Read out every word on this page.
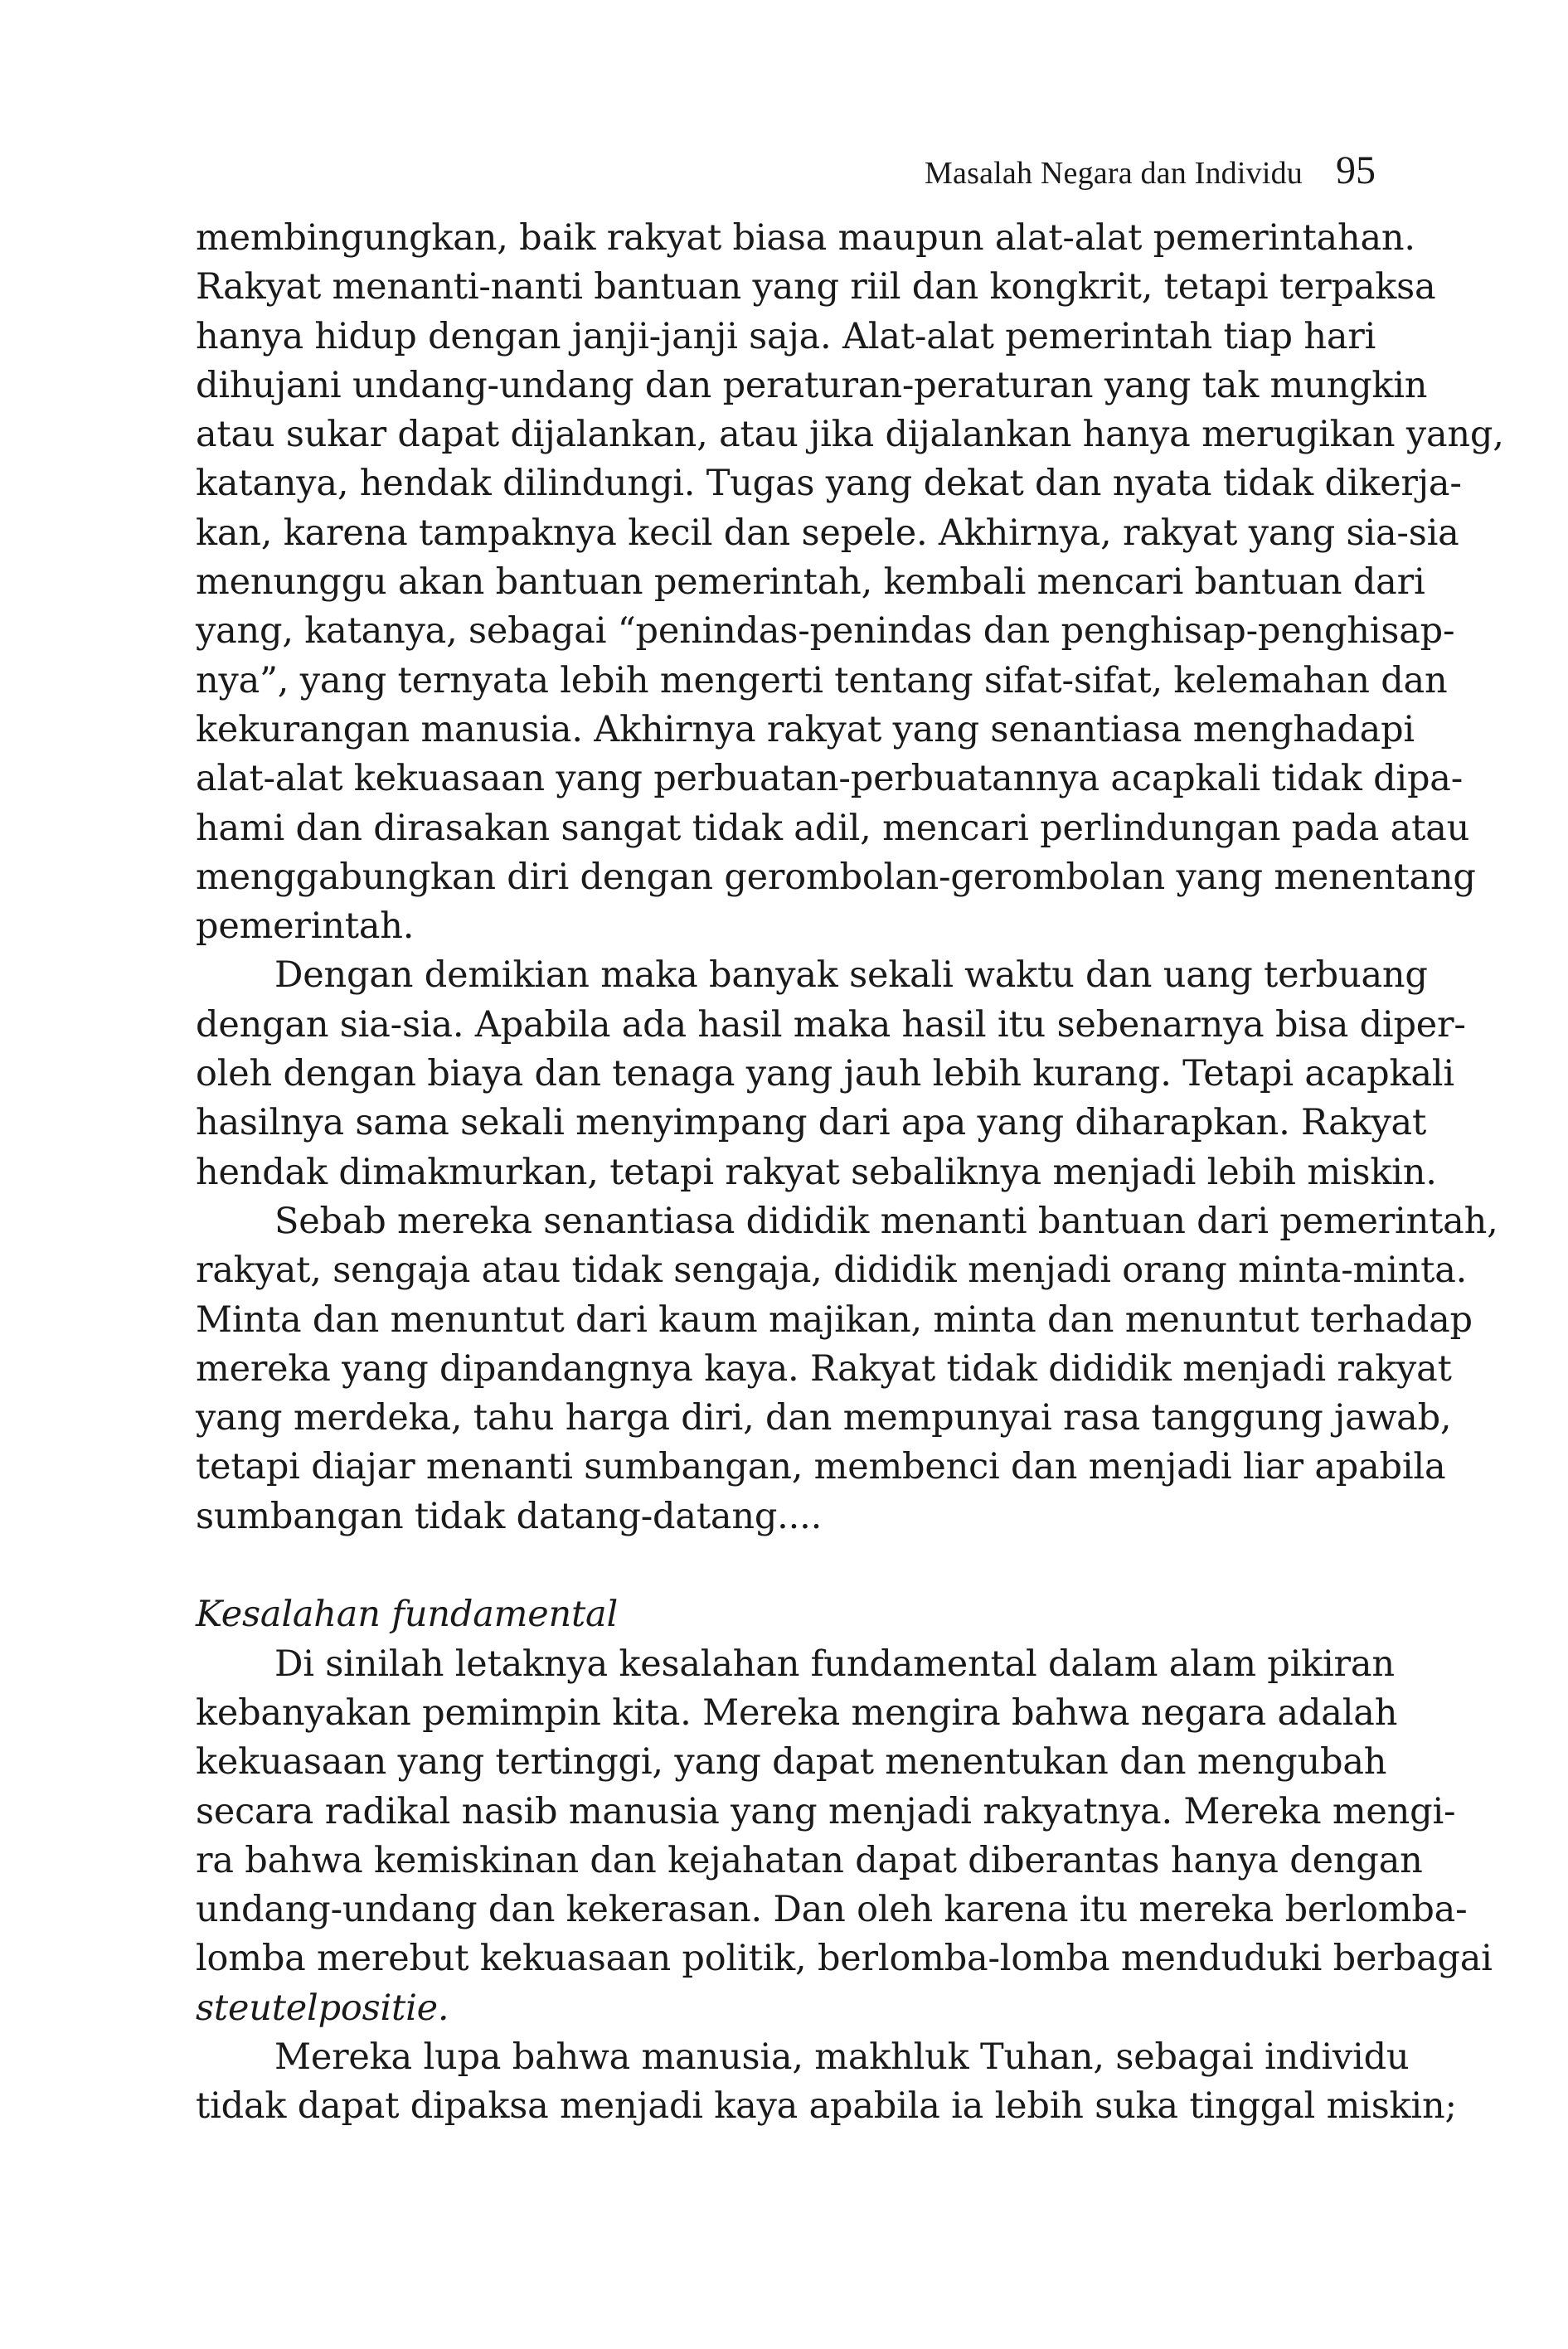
Masalah Negara dan Individu 95
membingungkan, baik rakyat biasa maupun alat-alat pemerintahan.
Rakyat menanti-nanti bantuan yang riil dan kongkrit, tetapi terpaksa
hanya hidup dengan janji-janji saja. Alat-alat pemerintah tiap hari
dihujani undang-undang dan peraturan-peraturan yang tak mungkin
atau sukar dapat dijalankan, atau jika dijalankan hanya merugikan yang,
katanya, hendak dilindungi. Tugas yang dekat dan nyata tidak dikerja-
kan, karena tampaknya kecil dan sepele. Akhirnya, rakyat yang sia-sia
menunggu akan bantuan pemerintah, kembali mencari bantuan dari
yang, katanya, sebagai “penindas-penindas dan penghisap-penghisap-
nya”, yang ternyata lebih mengerti tentang sifat-sifat, kelemahan dan
kekurangan manusia. Akhirnya rakyat yang senantiasa menghadapi
alat-alat kekuasaan yang perbuatan-perbuatannya acapkali tidak dipa-
hami dan dirasakan sangat tidak adil, mencari perlindungan pada atau
menggabungkan diri dengan gerombolan-gerombolan yang menentang
pemerintah.
Dengan demikian maka banyak sekali waktu dan uang terbuang
dengan sia-sia. Apabila ada hasil maka hasil itu sebenarnya bisa diper-
oleh dengan biaya dan tenaga yang jauh lebih kurang. Tetapi acapkali
hasilnya sama sekali menyimpang dari apa yang diharapkan. Rakyat
hendak dimakmurkan, tetapi rakyat sebaliknya menjadi lebih miskin.
Sebab mereka senantiasa dididik menanti bantuan dari pemerintah,
rakyat, sengaja atau tidak sengaja, dididik menjadi orang minta-minta.
Minta dan menuntut dari kaum majikan, minta dan menuntut terhadap
mereka yang dipandangnya kaya. Rakyat tidak dididik menjadi rakyat
yang merdeka, tahu harga diri, dan mempunyai rasa tanggung jawab,
tetapi diajar menanti sumbangan, membenci dan menjadi liar apabila
sumbangan tidak datang-datang....
Kesalahan fundamental
Di sinilah letaknya kesalahan fundamental dalam alam pikiran
kebanyakan pemimpin kita. Mereka mengira bahwa negara adalah
kekuasaan yang tertinggi, yang dapat menentukan dan mengubah
secara radikal nasib manusia yang menjadi rakyatnya. Mereka mengi-
ra bahwa kemiskinan dan kejahatan dapat diberantas hanya dengan
undang-undang dan kekerasan. Dan oleh karena itu mereka berlomba-
lomba merebut kekuasaan politik, berlomba-lomba menduduki berbagai
steutelpositie.
Mereka lupa bahwa manusia, makhluk Tuhan, sebagai individu
tidak dapat dipaksa menjadi kaya apabila ia lebih suka tinggal miskin;
